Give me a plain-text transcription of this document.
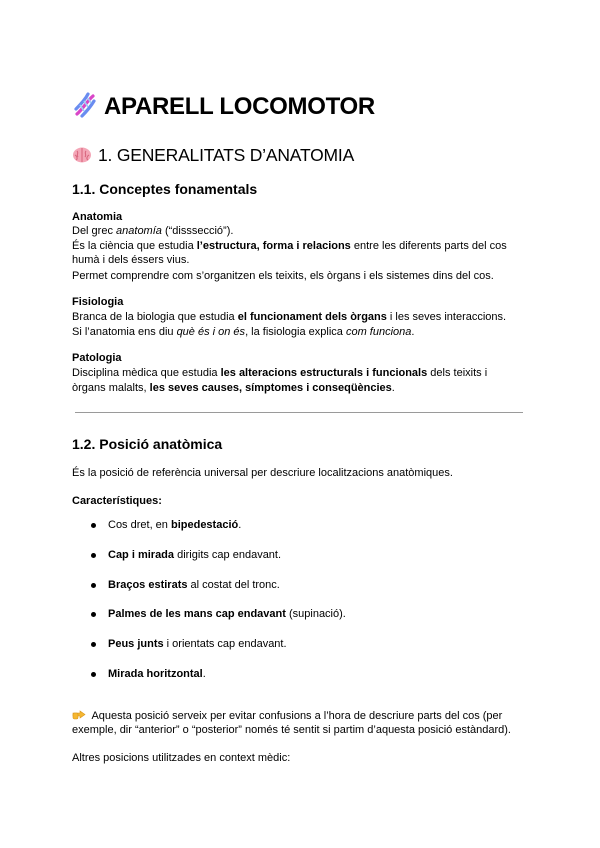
APARELL LOCOMOTOR
1. GENERALITATS D’ANATOMIA
1.1. Conceptes fonamentals
Anatomia
Del grec anatomía (“disssecció”).
És la ciència que estudia l’estructura, forma i relacions entre les diferents parts del cos
humà i dels éssers vius.
Permet comprendre com s’organitzen els teixits, els òrgans i els sistemes dins del cos.
Fisiologia
Branca de la biologia que estudia el funcionament dels òrgans i les seves interaccions.
Si l’anatomia ens diu què és i on és, la fisiologia explica com funciona.
Patologia
Disciplina mèdica que estudia les alteracions estructurals i funcionals dels teixits i
òrgans malalts, les seves causes, símptomes i conseqüències.
1.2. Posició anatòmica
És la posició de referència universal per descriure localitzacions anatòmiques.
Característiques:
Cos dret, en bipedestació.
Cap i mirada dirigits cap endavant.
Braços estirats al costat del tronc.
Palmes de les mans cap endavant (supinació).
Peus junts i orientats cap endavant.
Mirada horitzontal.
Aquesta posició serveix per evitar confusions a l’hora de descriure parts del cos (per
exemple, dir “anterior” o “posterior” només té sentit si partim d’aquesta posició estàndard).
Altres posicions utilitzades en context mèdic:
